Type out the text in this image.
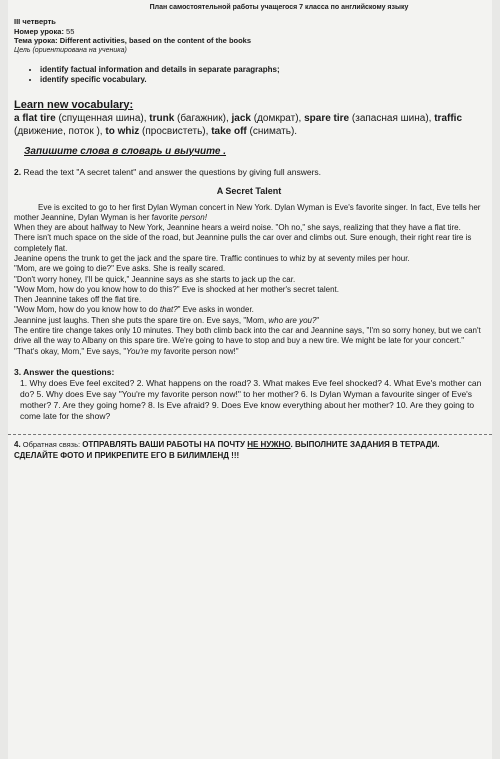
План самостоятельной работы учащегося 7 класса по английскому языку
III четверть
Номер урока: 55
Тема урока: Different activities, based on the content of the books
Цель (ориентирована на ученика)
• identify factual information and details in separate paragraphs;
• identify specific vocabulary.
Learn new vocabulary:
a flat tire (спущенная шина), trunk (багажник), jack (домкрат), spare tire (запасная шина), traffic (движение, поток ), to whiz (просвистеть), take off (снимать).
Запишите слова в словарь и выучите .
2. Read the text "A secret talent" and answer the questions by giving full answers.
A Secret Talent

Eve is excited to go to her first Dylan Wyman concert in New York. Dylan Wyman is Eve's favorite singer. In fact, Eve tells her mother Jeannine, Dylan Wyman is her favorite person!

When they are about halfway to New York, Jeannine hears a weird noise. "Oh no," she says, realizing that they have a flat tire.

There isn't much space on the side of the road, but Jeannine pulls the car over and climbs out. Sure enough, their right rear tire is completely flat.

Jeanine opens the trunk to get the jack and the spare tire. Traffic continues to whiz by at seventy miles per hour.

"Mom, are we going to die?" Eve asks. She is really scared.

"Don't worry honey, I'll be quick," Jeannine says as she starts to jack up the car.

"Wow Mom, how do you know how to do this?" Eve is shocked at her mother's secret talent.

Then Jeannine takes off the flat tire.

"Wow Mom, how do you know how to do that?" Eve asks in wonder.

Jeannine just laughs. Then she puts the spare tire on. Eve says, "Mom, who are you?"

The entire tire change takes only 10 minutes. They both climb back into the car and Jeannine says, "I'm so sorry honey, but we can't drive all the way to Albany on this spare tire. We're going to have to stop and buy a new tire. We might be late for your concert."

"That's okay, Mom," Eve says, "You're my favorite person now!"

3. Answer the questions:
1. Why does Eve feel excited? 2. What happens on the road? 3. What makes Eve feel shocked? 4. What Eve's mother can do? 5. Why does Eve say "You're my favorite person now!" to her mother? 6. Is Dylan Wyman a favourite singer of Eve's mother? 7. Are they going home? 8. Is Eve afraid? 9. Does Eve know everything about her mother? 10. Are they going to come late for the show?
4. Обратная связь: ОТПРАВЛЯТЬ ВАШИ РАБОТЫ НА ПОЧТУ НЕ НУЖНО. ВЫПОЛНИТЕ ЗАДАНИЯ В ТЕТРАДИ. СДЕЛАЙТЕ ФОТО И ПРИКРЕПИТЕ ЕГО В БИЛИМЛЕНД !!!
